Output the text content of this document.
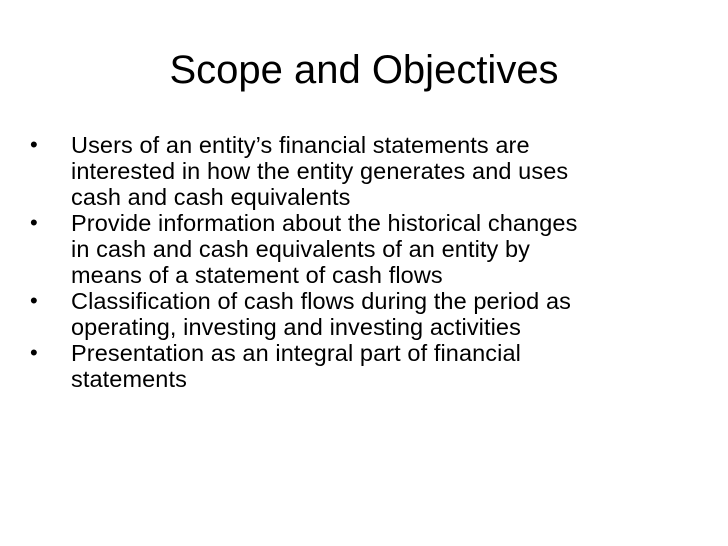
Scope and Objectives
•	Users of an entity’s financial statements are
interested in how the entity generates and uses
cash and cash equivalents
•	Provide information about the historical changes
in cash and cash equivalents of an entity by
means of a statement of cash flows
•	Classification of cash flows during the period as
operating, investing and investing activities
•	Presentation as an integral part of financial
statements
